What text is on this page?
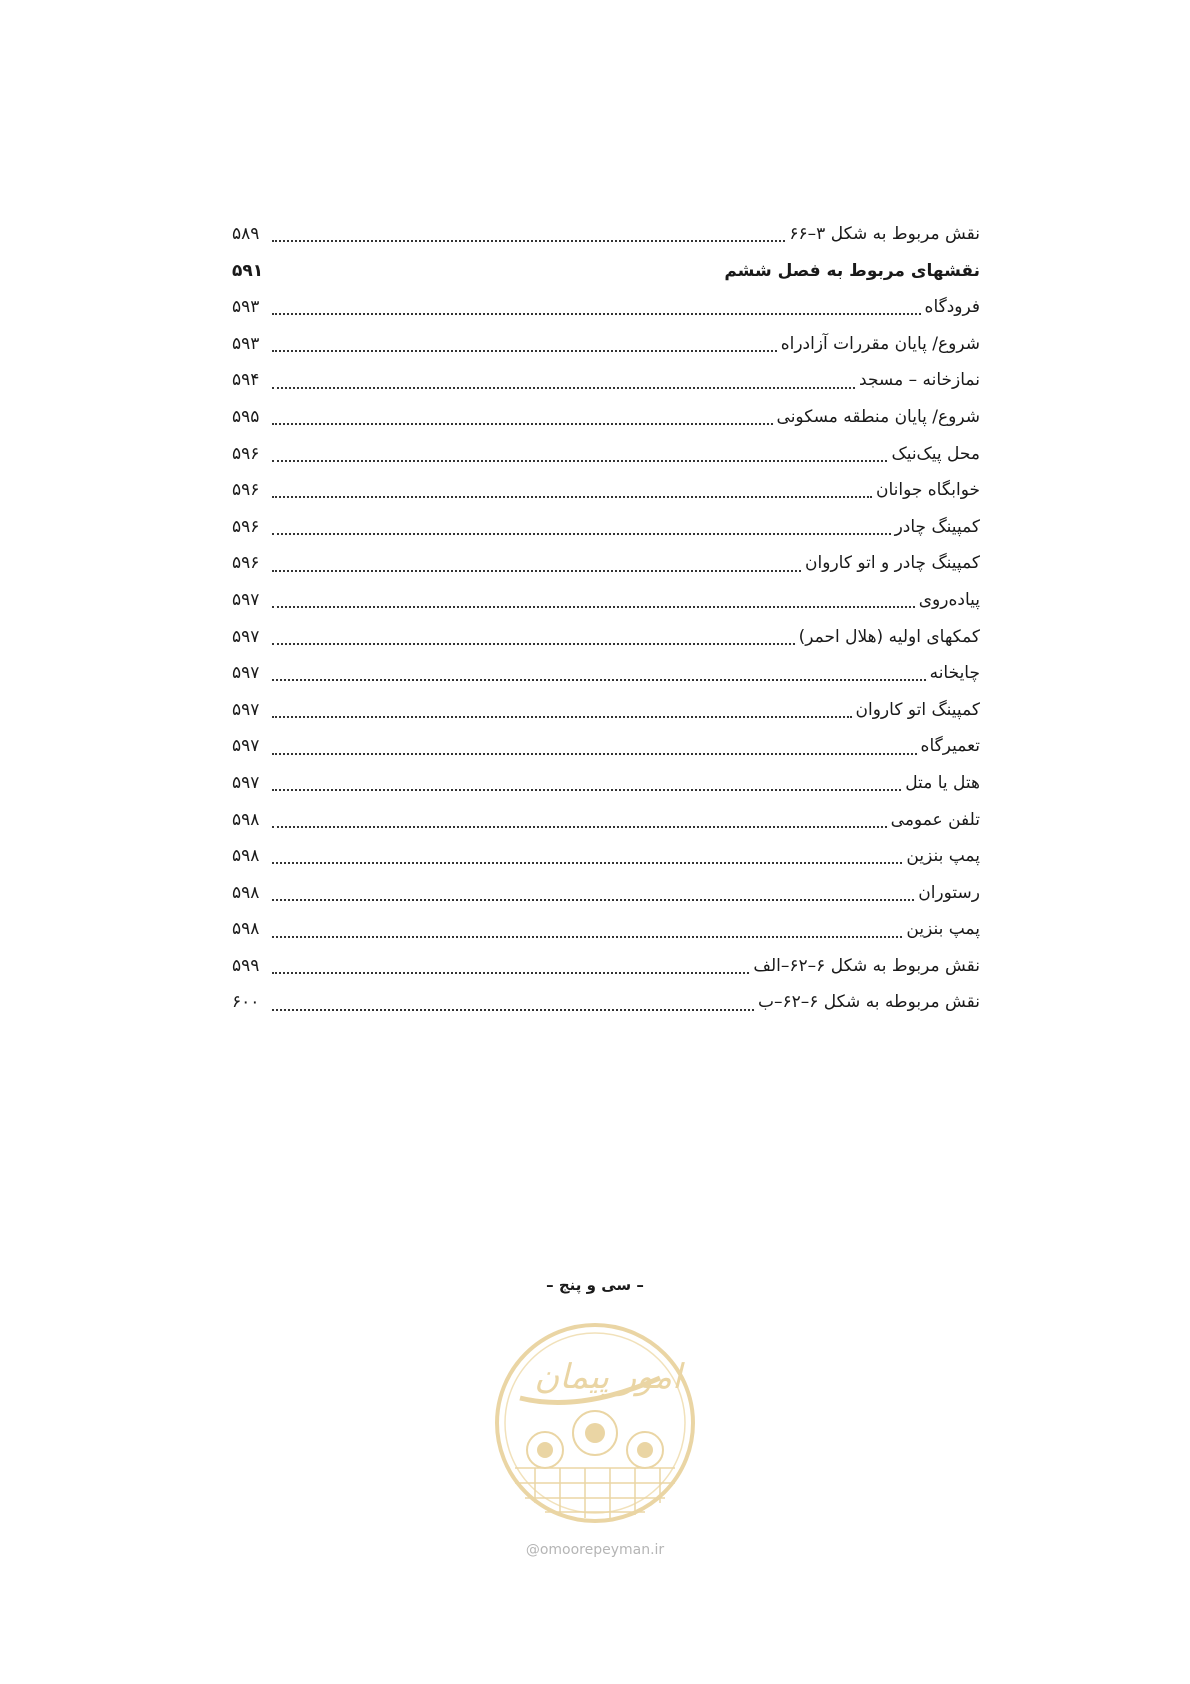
نقش مربوط به شکل ۳–۶۶
۵۸۹
نقشهای مربوط به فصل ششم
۵۹۱
فرودگاه
۵۹۳
شروع/ پایان مقررات آزادراه
۵۹۳
نمازخانه – مسجد
۵۹۴
شروع/ پایان منطقه مسکونی
۵۹۵
محل پیک‌نیک
۵۹۶
خوابگاه جوانان
۵۹۶
کمپینگ چادر
۵۹۶
کمپینگ چادر و اتو کاروان
۵۹۶
پیاده‌روی
۵۹۷
کمکهای اولیه (هلال احمر)
۵۹۷
چایخانه
۵۹۷
کمپینگ اتو کاروان
۵۹۷
تعمیرگاه
۵۹۷
هتل یا متل
۵۹۷
تلفن عمومی
۵۹۸
پمپ بنزین
۵۹۸
رستوران
۵۹۸
پمپ بنزین
۵۹۸
نقش مربوط به شکل ۶–۶۲–الف
۵۹۹
نقش مربوطه به شکل ۶–۶۲–ب
۶۰۰
– سی و پنج –
امور پیمان
@omoorepeyman.ir
